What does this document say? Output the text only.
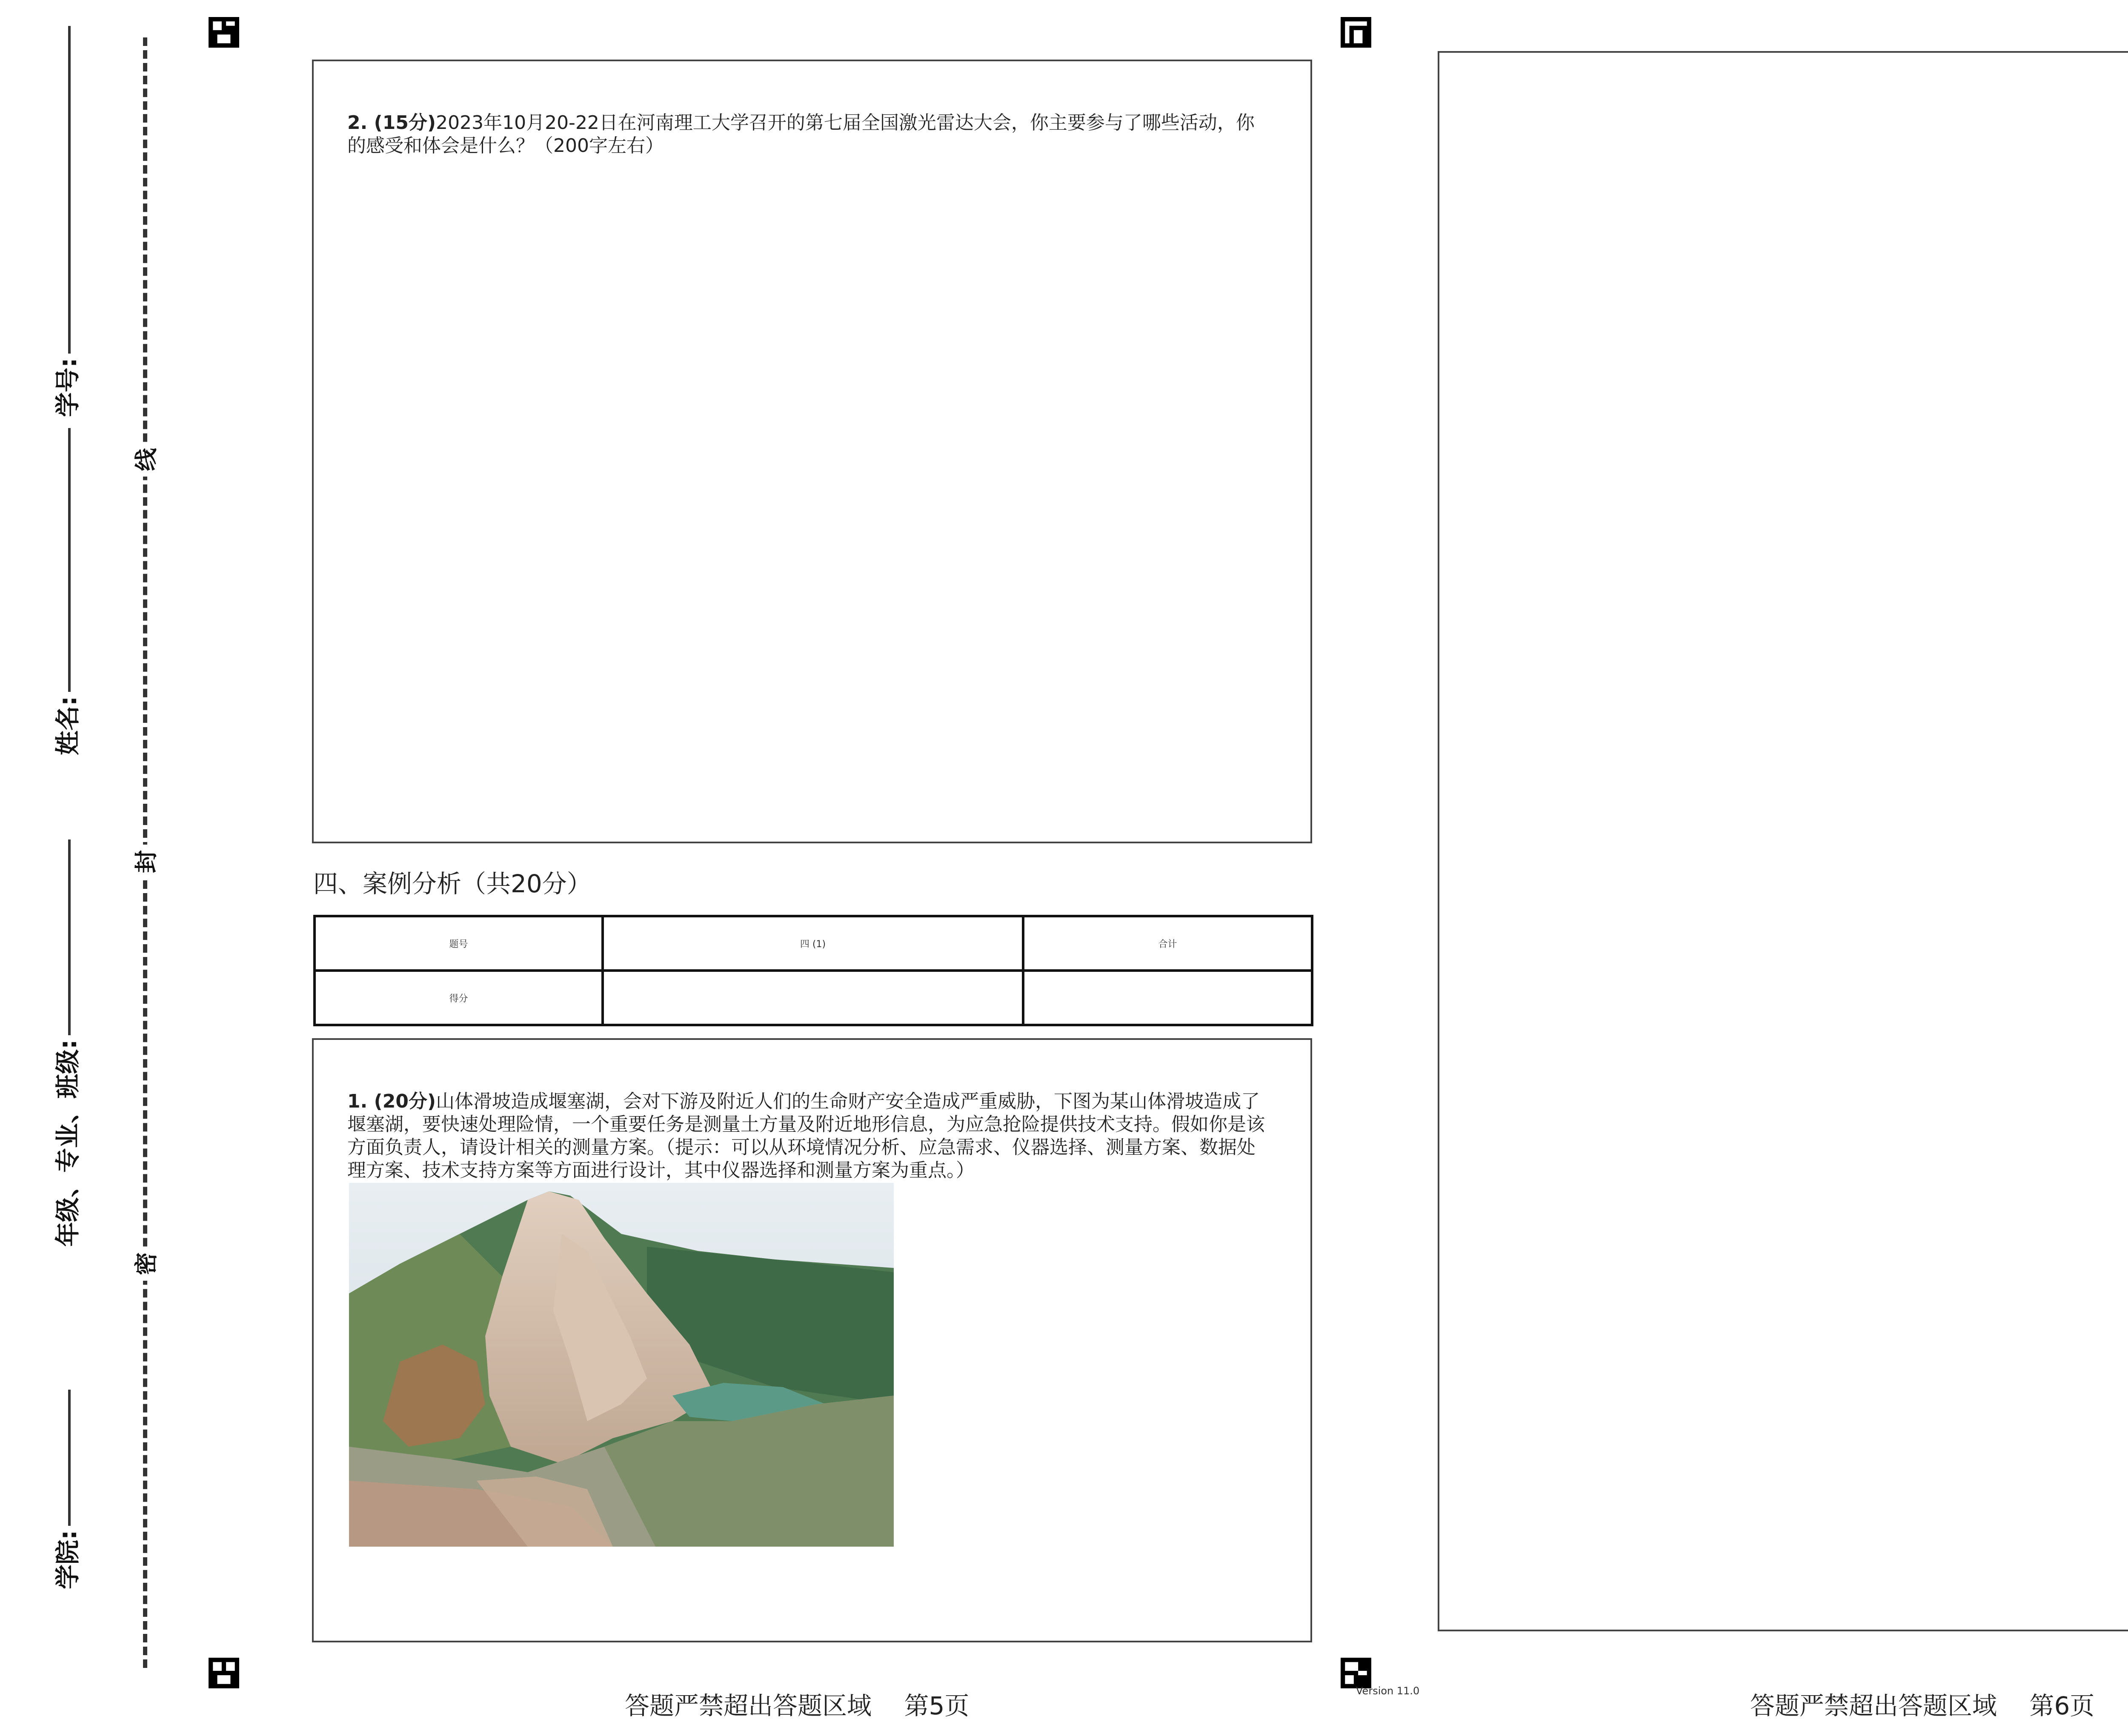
线
封
密
学号:
姓名:
年级、专业、班级:
学院:
2. (15分)2023年10月20-22日在河南理工大学召开的第七届全国激光雷达大会，你主要参与了哪些活动，你的感受和体会是什么？（200字左右）
四、案例分析（共20分）
题号	四 (1)	合计
得分		
1. (20分)山体滑坡造成堰塞湖，会对下游及附近人们的生命财产安全造成严重威胁，下图为某山体滑坡造成了堰塞湖，要快速处理险情，一个重要任务是测量土方量及附近地形信息，为应急抢险提供技术支持。假如你是该方面负责人，请设计相关的测量方案。（提示：可以从环境情况分析、应急需求、仪器选择、测量方案、数据处理方案、技术支持方案等方面进行设计，其中仪器选择和测量方案为重点。）
答题严禁超出答题区域　 第5页
Version 11.0
答题严禁超出答题区域　 第6页
